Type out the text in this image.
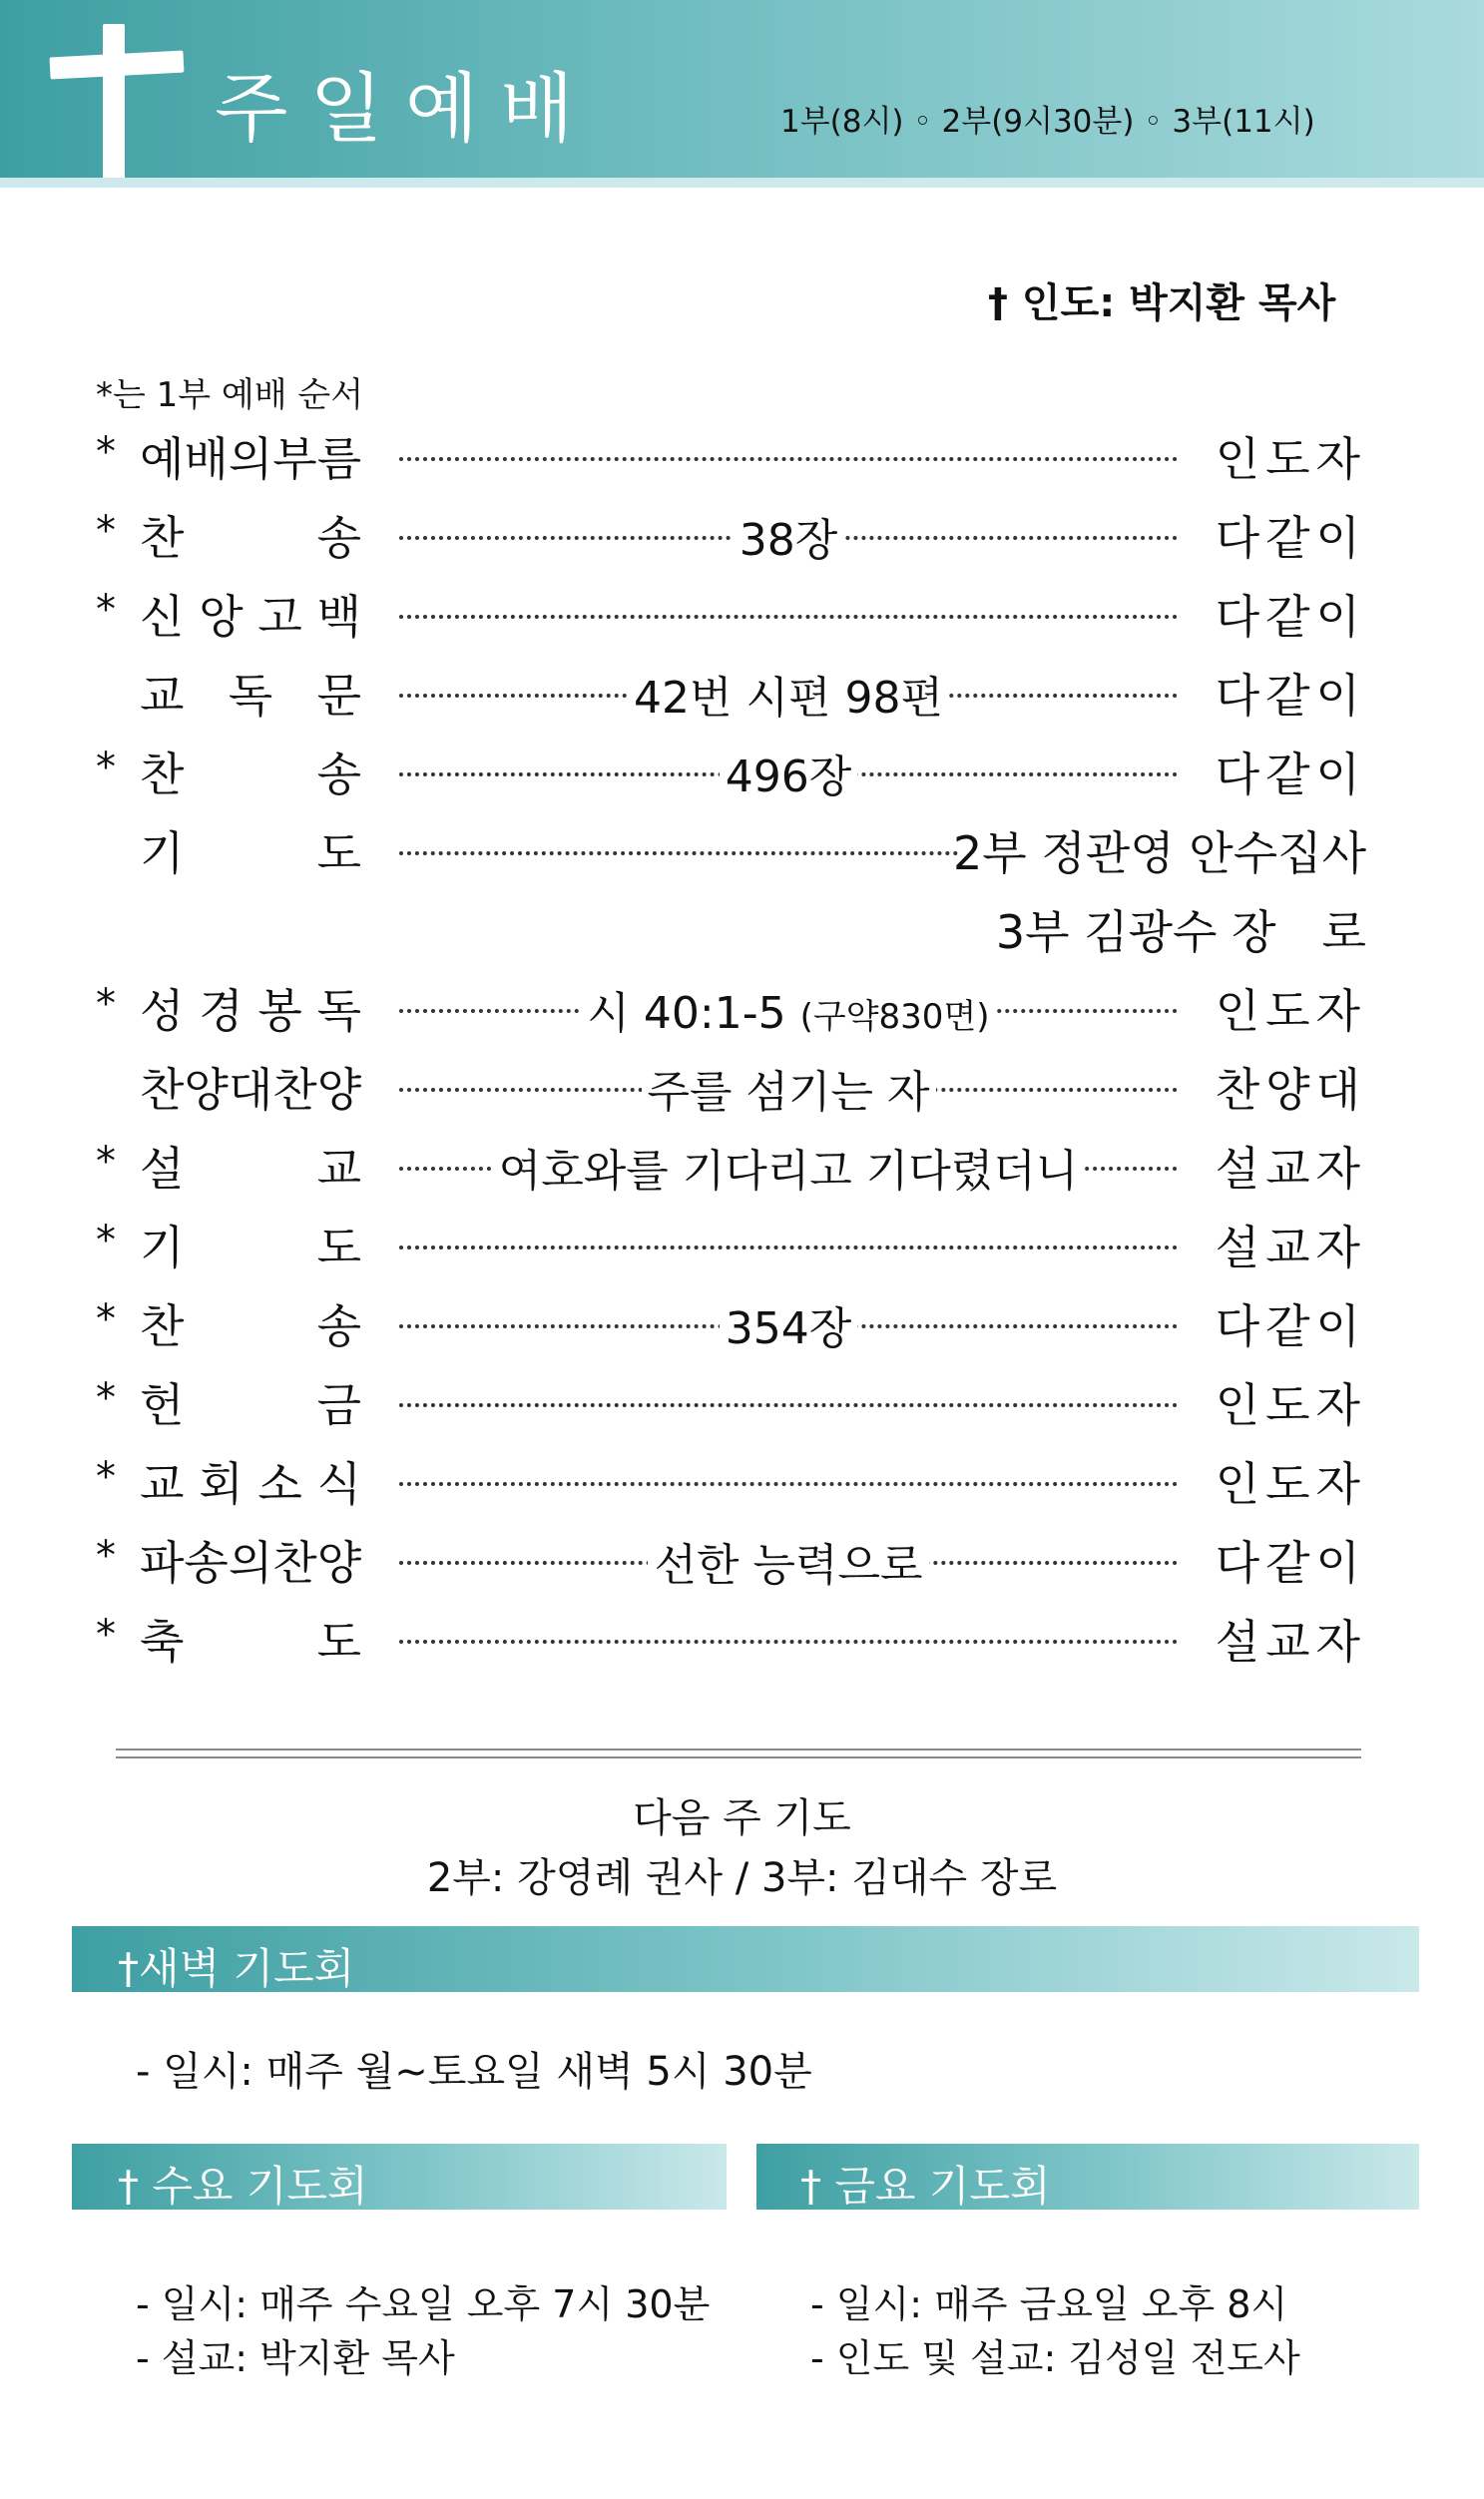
주일예배	1부(8시) ◦ 2부(9시30분) ◦ 3부(11시)
† 인도: 박지환 목사
*는 1부 예배 순서
* 예배의부름	인도자
* 찬	송	38장	다같이
* 신 앙 고 백	다같이
교 독 문	42번 시편 98편	다같이
* 찬	송	496장	다같이
기	도	2부 정관영 안수집사
3부 김광수 장　로
* 성 경 봉 독	시 40:1-5 (구약830면)	인도자
찬양대찬양	주를 섬기는 자	찬양대
* 설	교	여호와를 기다리고 기다렸더니	설교자
* 기	도	설교자
* 찬	송	354장	다같이
* 헌	금	인도자
* 교 회 소 식	인도자
* 파송의찬양	선한 능력으로	다같이
* 축	도	설교자
다음 주 기도
2부: 강영례 권사 / 3부: 김대수 장로
†새벽 기도회
- 일시: 매주 월~토요일 새벽 5시 30분
† 수요 기도회	† 금요 기도회
- 일시: 매주 수요일 오후 7시 30분
- 설교: 박지환 목사
- 일시: 매주 금요일 오후 8시
- 인도 및 설교: 김성일 전도사
